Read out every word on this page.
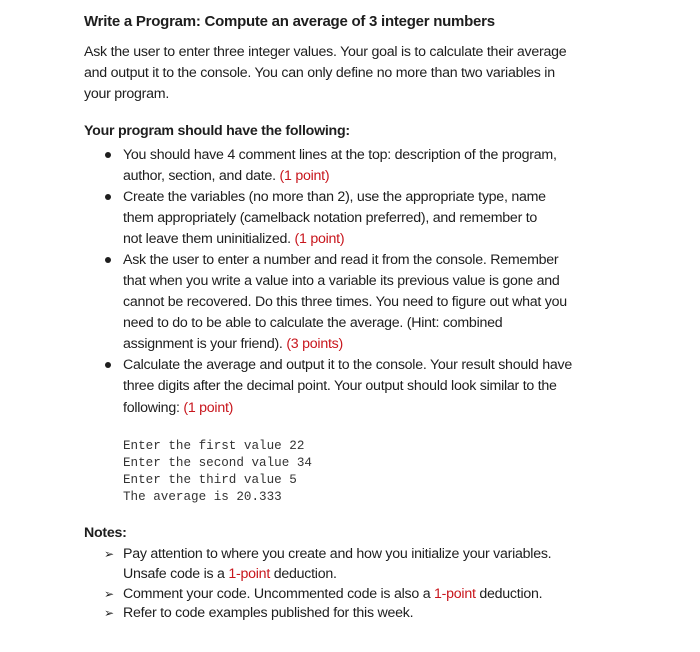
Write a Program: Compute an average of 3 integer numbers
Ask the user to enter three integer values. Your goal is to calculate their average
and output it to the console. You can only define no more than two variables in
your program.
Your program should have the following:
You should have 4 comment lines at the top: description of the program,
author, section, and date. (1 point)
Create the variables (no more than 2), use the appropriate type, name
them appropriately (camelback notation preferred), and remember to
not leave them uninitialized. (1 point)
Ask the user to enter a number and read it from the console. Remember
that when you write a value into a variable its previous value is gone and
cannot be recovered. Do this three times. You need to figure out what you
need to do to be able to calculate the average. (Hint: combined
assignment is your friend). (3 points)
Calculate the average and output it to the console. Your result should have
three digits after the decimal point. Your output should look similar to the
following: (1 point)
Enter the first value 22
Enter the second value 34
Enter the third value 5
The average is 20.333
Notes:
➢ Pay attention to where you create and how you initialize your variables.
Unsafe code is a 1-point deduction.
➢ Comment your code. Uncommented code is also a 1-point deduction.
➢ Refer to code examples published for this week.
